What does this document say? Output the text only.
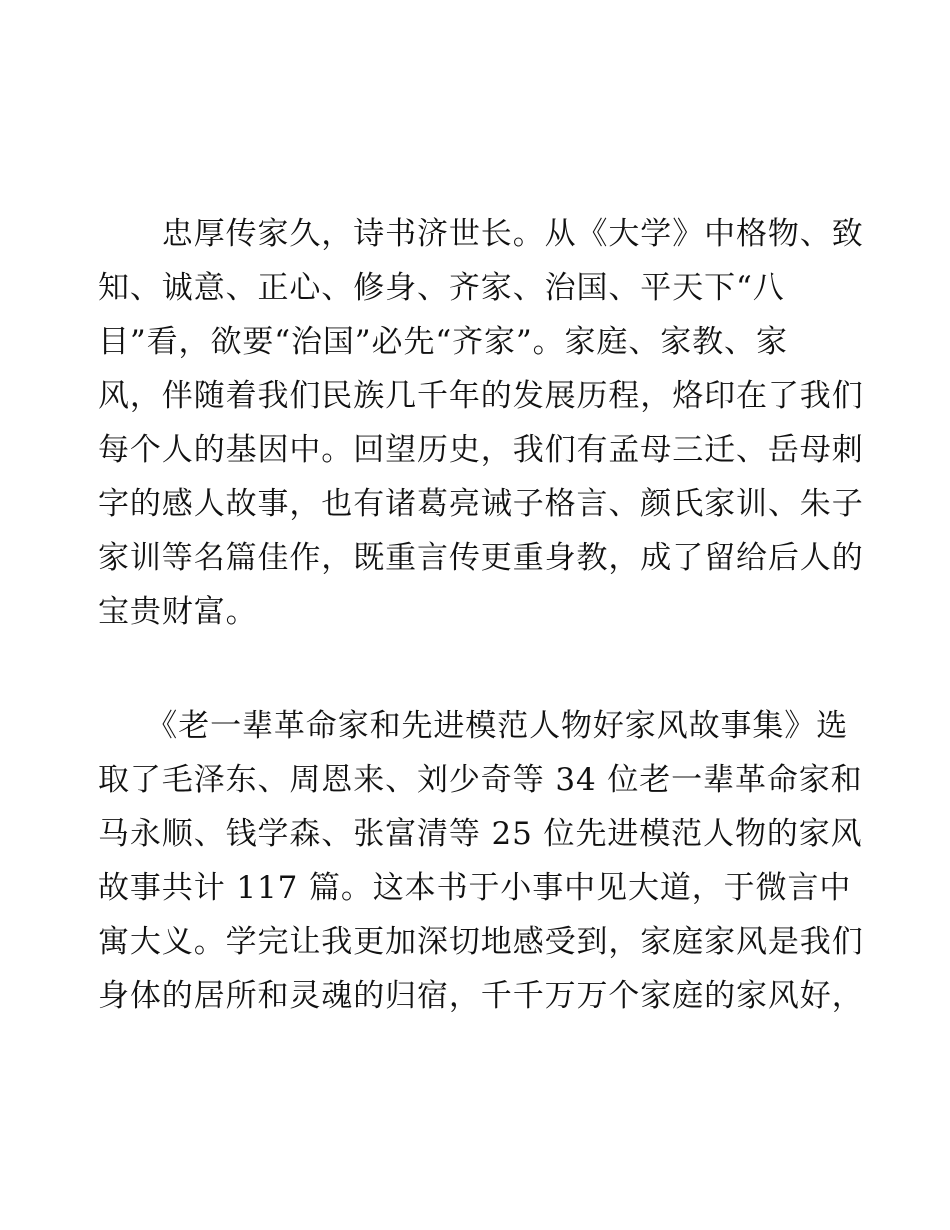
　　忠厚传家久，诗书济世长。从《大学》中格物、致
知、诚意、正心、修身、齐家、治国、平天下“八
目”看，欲要“治国”必先“齐家”。家庭、家教、家
风，伴随着我们民族几千年的发展历程，烙印在了我们
每个人的基因中。回望历史，我们有孟母三迁、岳母刺
字的感人故事，也有诸葛亮诫子格言、颜氏家训、朱子
家训等名篇佳作，既重言传更重身教，成了留给后人的
宝贵财富。
　　《老一辈革命家和先进模范人物好家风故事集》选
取了毛泽东、周恩来、刘少奇等 34 位老一辈革命家和
马永顺、钱学森、张富清等 25 位先进模范人物的家风
故事共计 117 篇。这本书于小事中见大道，于微言中
寓大义。学完让我更加深切地感受到，家庭家风是我们
身体的居所和灵魂的归宿，千千万万个家庭的家风好，
